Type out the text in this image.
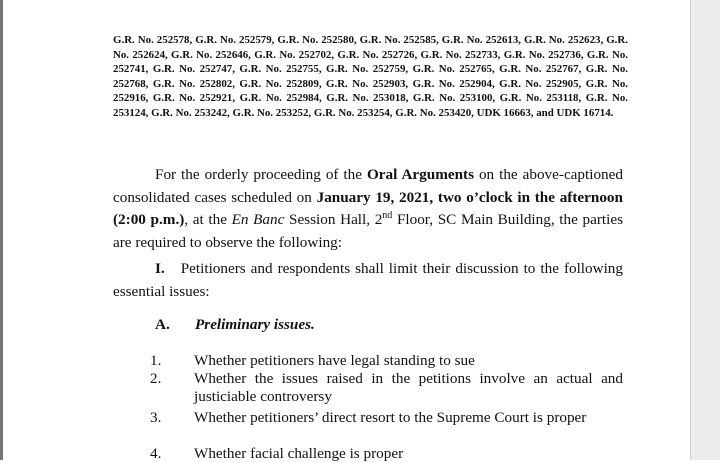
G.R. No. 252578, G.R. No. 252579, G.R. No. 252580, G.R. No. 252585, G.R. No. 252613, G.R. No. 252623, G.R. No. 252624, G.R. No. 252646, G.R. No. 252702, G.R. No. 252726, G.R. No. 252733, G.R. No. 252736, G.R. No. 252741, G.R. No. 252747, G.R. No. 252755, G.R. No. 252759, G.R. No. 252765, G.R. No. 252767, G.R. No. 252768, G.R. No. 252802, G.R. No. 252809, G.R. No. 252903, G.R. No. 252904, G.R. No. 252905, G.R. No. 252916, G.R. No. 252921, G.R. No. 252984, G.R. No. 253018, G.R. No. 253100, G.R. No. 253118, G.R. No. 253124, G.R. No. 253242, G.R. No. 253252, G.R. No. 253254, G.R. No. 253420, UDK 16663, and UDK 16714.

For the orderly proceeding of the Oral Arguments on the above-captioned consolidated cases scheduled on January 19, 2021, two o’clock in the afternoon (2:00 p.m.), at the En Banc Session Hall, 2nd Floor, SC Main Building, the parties are required to observe the following:

I. Petitioners and respondents shall limit their discussion to the following essential issues:

A. Preliminary issues.
1. Whether petitioners have legal standing to sue
2. Whether the issues raised in the petitions involve an actual and justiciable controversy
3. Whether petitioners’ direct resort to the Supreme Court is proper
4. Whether facial challenge is proper
